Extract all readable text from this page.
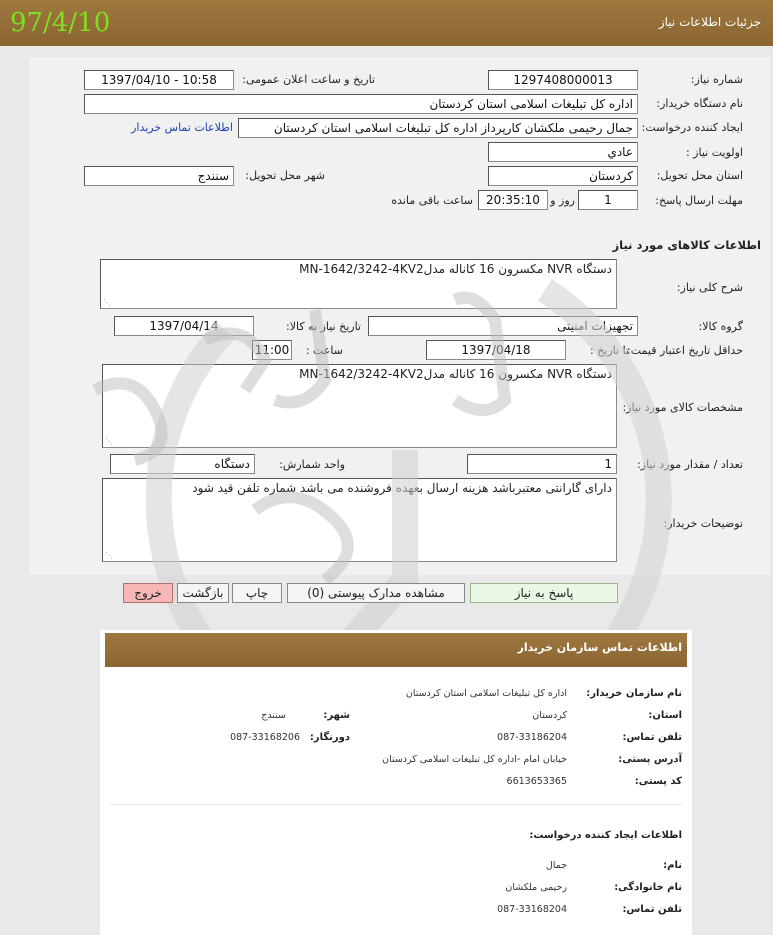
جزئیات اطلاعات نیاز
97/4/10
شماره نیاز:
1297408000013
تاریخ و ساعت اعلان عمومی:
1397/04/10 - 10:58
نام دستگاه خریدار:
اداره کل تبلیغات اسلامی استان کردستان
ایجاد کننده درخواست:
جمال رحیمی ملکشان کارپرداز اداره کل تبلیغات اسلامی استان کردستان
اطلاعات تماس خریدار
اولویت نیاز :
عادي
استان محل تحویل:
کردستان
شهر محل تحویل:
سنندج
مهلت ارسال پاسخ:
1
روز و
20:35:10
ساعت باقی مانده
اطلاعات کالاهای مورد نیاز
شرح کلی نیاز:
دستگاه NVR مکسرون 16 کاناله مدلMN-1642/3242-4KV2
⋰
گروه کالا:
تجهیزات امنیتی
تاریخ نیاز به کالا:
1397/04/14
حداقل تاریخ اعتبار قیمت:
تا تاریخ :
1397/04/18
ساعت :
11:00
مشخصات کالای مورد نیاز:
دستگاه NVR مکسرون 16 کاناله مدلMN-1642/3242-4KV2
⋰
تعداد / مقدار مورد نیاز:
1
واحد شمارش:
دستگاه
توضیحات خریدار:
دارای گارانتی معتبرباشد هزینه ارسال بعهده فروشنده می باشد شماره تلفن قید شود
⋰
پاسخ به نیاز
مشاهده مدارک پیوستی (0)
چاپ
بازگشت
خروج
اطلاعات تماس سازمان خریدار
نام سازمان خریدار:
اداره کل تبلیغات اسلامی استان کردستان
استان:
کردستان
شهر:
سنندج
تلفن تماس:
087-33186204
دورنگار:
087-33168206
آدرس پستی:
خیابان امام -اداره کل تبلیغات اسلامی کردستان
کد پستی:
6613653365
اطلاعات ایجاد کننده درخواست:
نام:
جمال
نام خانوادگی:
رحیمی ملکشان
تلفن تماس:
087-33168204
